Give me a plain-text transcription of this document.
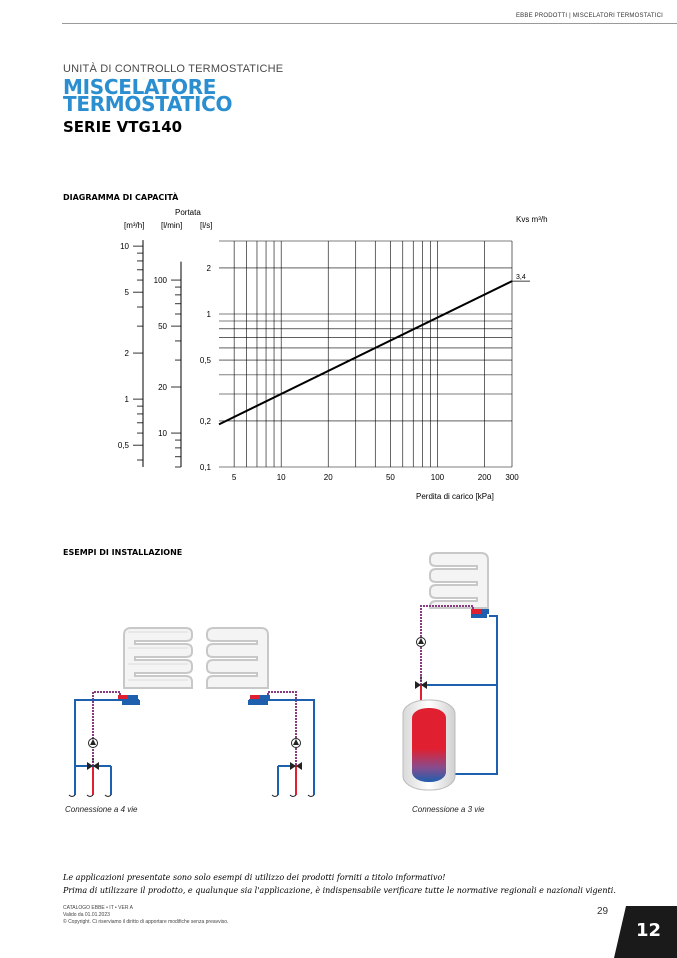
EBBE PRODOTTI | MISCELATORI TERMOSTATICI
UNITÀ DI CONTROLLO TERMOSTATICHE
MISCELATORE
TERMOSTATICO
SERIE VTG140
DIAGRAMMA DI CAPACITÀ
Portata
[m³/h] [l/min] [l/s]
Kvs m³/h
5	10	20	50	100	200 300
0,1
0,2
0,5
1
2
10
20
50
100
0,5
1
2
5
10
3,4
Perdita di carico [kPa]
ESEMPI DI INSTALLAZIONE
Connessione a 4 vie	Connessione a 3 vie
Le applicazioni presentate sono solo esempi di utilizzo dei prodotti forniti a titolo informativo!
Prima di utilizzare il prodotto, e qualunque sia l'applicazione, è indispensabile verificare tutte le normative regionali e nazionali vigenti.
CATALOGO EBBE • IT • VER A
Valido da 01.01.2023
© Copyright. Ci riserviamo il diritto di apportare modifiche senza preavviso.
29
12
